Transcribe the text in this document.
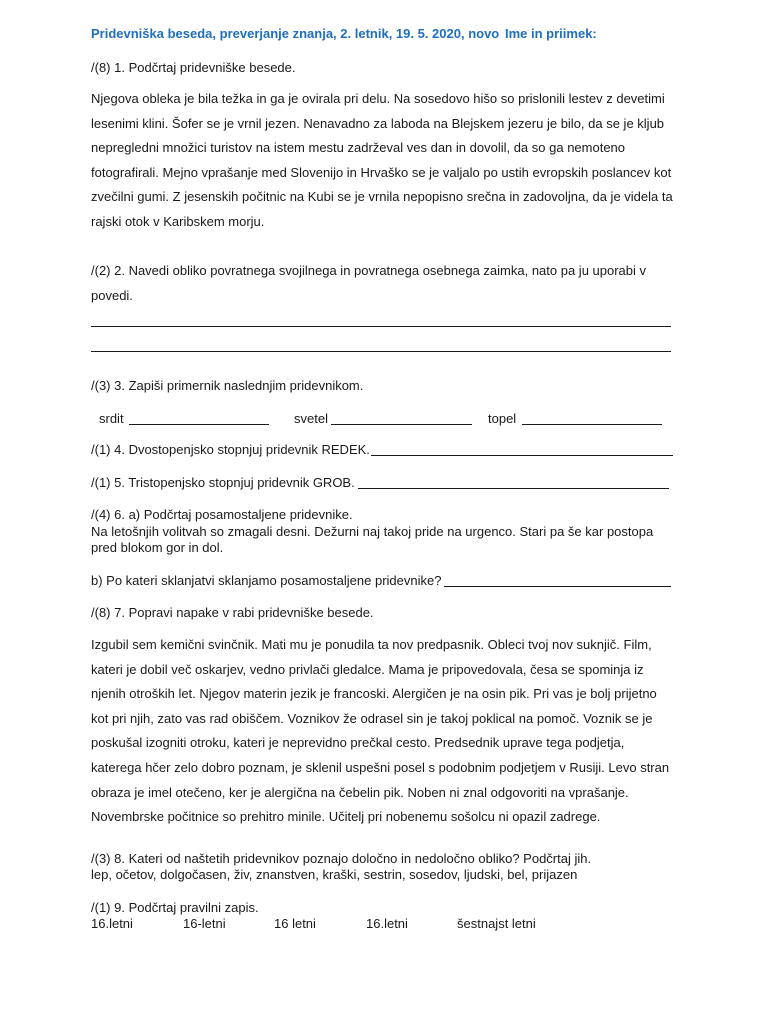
Pridevniška beseda, preverjanje znanja, 2. letnik, 19. 5. 2020, novo Ime in priimek:
/(8) 1. Podčrtaj pridevniške besede.
Njegova obleka je bila težka in ga je ovirala pri delu. Na sosedovo hišo so prislonili lestev z devetimi
lesenimi klini. Šofer se je vrnil jezen. Nenavadno za laboda na Blejskem jezeru je bilo, da se je kljub
nepregledni množici turistov na istem mestu zadrževal ves dan in dovolil, da so ga nemoteno
fotografirali. Mejno vprašanje med Slovenijo in Hrvaško se je valjalo po ustih evropskih poslancev kot
zvečilni gumi. Z jesenskih počitnic na Kubi se je vrnila nepopisno srečna in zadovoljna, da je videla ta
rajski otok v Karibskem morju.
/(2) 2. Navedi obliko povratnega svojilnega in povratnega osebnega zaimka, nato pa ju uporabi v
povedi.
/(3) 3. Zapiši primernik naslednjim pridevnikom.
srdit	svetel	topel
/(1) 4. Dvostopenjsko stopnjuj pridevnik REDEK.
/(1) 5. Tristopenjsko stopnjuj pridevnik GROB.
/(4) 6. a) Podčrtaj posamostaljene pridevnike.
Na letošnjih volitvah so zmagali desni. Dežurni naj takoj pride na urgenco. Stari pa še kar postopa
pred blokom gor in dol.
b) Po kateri sklanjatvi sklanjamo posamostaljene pridevnike?
/(8) 7. Popravi napake v rabi pridevniške besede.
Izgubil sem kemični svinčnik. Mati mu je ponudila ta nov predpasnik. Obleci tvoj nov suknjič. Film,
kateri je dobil več oskarjev, vedno privlači gledalce. Mama je pripovedovala, česa se spominja iz
njenih otroških let. Njegov materin jezik je francoski. Alergičen je na osin pik. Pri vas je bolj prijetno
kot pri njih, zato vas rad obiščem. Voznikov že odrasel sin je takoj poklical na pomoč. Voznik se je
poskušal izogniti otroku, kateri je neprevidno prečkal cesto. Predsednik uprave tega podjetja,
katerega hčer zelo dobro poznam, je sklenil uspešni posel s podobnim podjetjem v Rusiji. Levo stran
obraza je imel otečeno, ker je alergična na čebelin pik. Noben ni znal odgovoriti na vprašanje.
Novembrske počitnice so prehitro minile. Učitelj pri nobenemu sošolcu ni opazil zadrege.
/(3) 8. Kateri od naštetih pridevnikov poznajo določno in nedoločno obliko? Podčrtaj jih.
lep, očetov, dolgočasen, živ, znanstven, kraški, sestrin, sosedov, ljudski, bel, prijazen
/(1) 9. Podčrtaj pravilni zapis.
16.letni	16-letni	16 letni	16.letni	šestnajst letni
